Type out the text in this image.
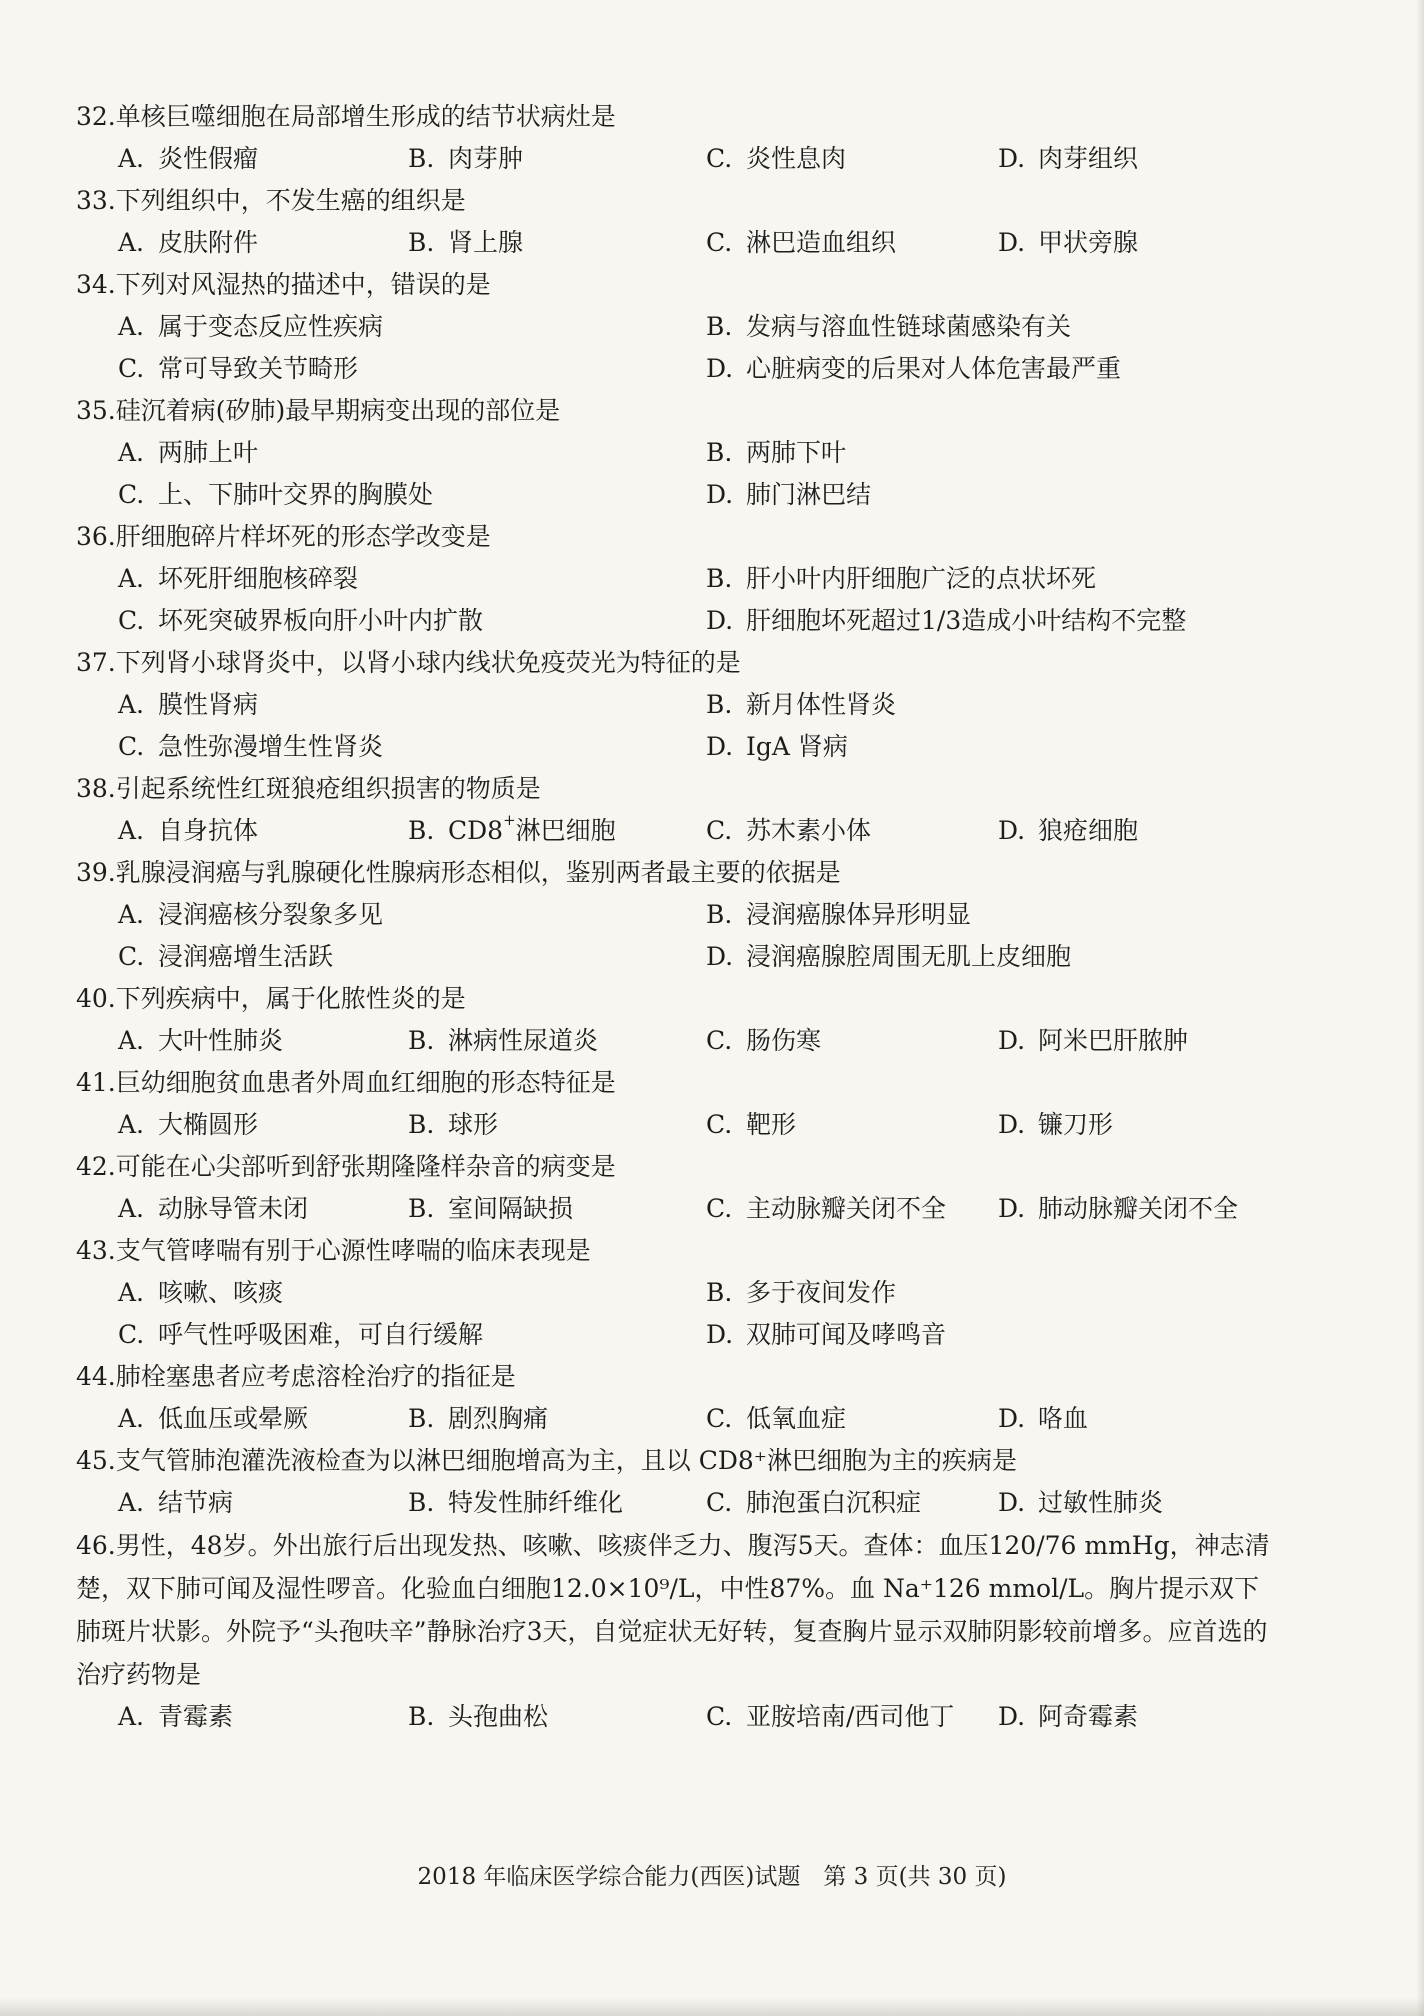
32.单核巨噬细胞在局部增生形成的结节状病灶是
A. 炎性假瘤	B. 肉芽肿	C. 炎性息肉	D. 肉芽组织
33.下列组织中，不发生癌的组织是
A. 皮肤附件	B. 肾上腺	C. 淋巴造血组织	D. 甲状旁腺
34.下列对风湿热的描述中，错误的是
A. 属于变态反应性疾病	B. 发病与溶血性链球菌感染有关
C. 常可导致关节畸形	D. 心脏病变的后果对人体危害最严重
35.硅沉着病(矽肺)最早期病变出现的部位是
A. 两肺上叶	B. 两肺下叶
C. 上、下肺叶交界的胸膜处	D. 肺门淋巴结
36.肝细胞碎片样坏死的形态学改变是
A. 坏死肝细胞核碎裂	B. 肝小叶内肝细胞广泛的点状坏死
C. 坏死突破界板向肝小叶内扩散	D. 肝细胞坏死超过1/3造成小叶结构不完整
37.下列肾小球肾炎中，以肾小球内线状免疫荧光为特征的是
A. 膜性肾病	B. 新月体性肾炎
C. 急性弥漫增生性肾炎	D. IgA 肾病
38.引起系统性红斑狼疮组织损害的物质是
A. 自身抗体	B. CD8+淋巴细胞	C. 苏木素小体	D. 狼疮细胞
39.乳腺浸润癌与乳腺硬化性腺病形态相似，鉴别两者最主要的依据是
A. 浸润癌核分裂象多见	B. 浸润癌腺体异形明显
C. 浸润癌增生活跃	D. 浸润癌腺腔周围无肌上皮细胞
40.下列疾病中，属于化脓性炎的是
A. 大叶性肺炎	B. 淋病性尿道炎	C. 肠伤寒	D. 阿米巴肝脓肿
41.巨幼细胞贫血患者外周血红细胞的形态特征是
A. 大椭圆形	B. 球形	C. 靶形	D. 镰刀形
42.可能在心尖部听到舒张期隆隆样杂音的病变是
A. 动脉导管未闭	B. 室间隔缺损	C. 主动脉瓣关闭不全 D. 肺动脉瓣关闭不全
43.支气管哮喘有别于心源性哮喘的临床表现是
A. 咳嗽、咳痰	B. 多于夜间发作
C. 呼气性呼吸困难，可自行缓解	D. 双肺可闻及哮鸣音
44.肺栓塞患者应考虑溶栓治疗的指征是
A. 低血压或晕厥	B. 剧烈胸痛	C. 低氧血症	D. 咯血
45.支气管肺泡灌洗液检查为以淋巴细胞增高为主，且以 CD8⁺淋巴细胞为主的疾病是
A. 结节病	B. 特发性肺纤维化	C. 肺泡蛋白沉积症	D. 过敏性肺炎
46.男性，48岁。外出旅行后出现发热、咳嗽、咳痰伴乏力、腹泻5天。查体：血压120/76 mmHg，神志清楚，双下肺可闻及湿性啰音。化验血白细胞12.0×10⁹/L，中性87%。血 Na⁺126 mmol/L。胸片提示双下肺斑片状影。外院予“头孢呋辛”静脉治疗3天，自觉症状无好转，复查胸片显示双肺阴影较前增多。应首选的治疗药物是
A. 青霉素	B. 头孢曲松	C. 亚胺培南/西司他丁 D. 阿奇霉素
2018 年临床医学综合能力(西医)试题　第 3 页(共 30 页)
